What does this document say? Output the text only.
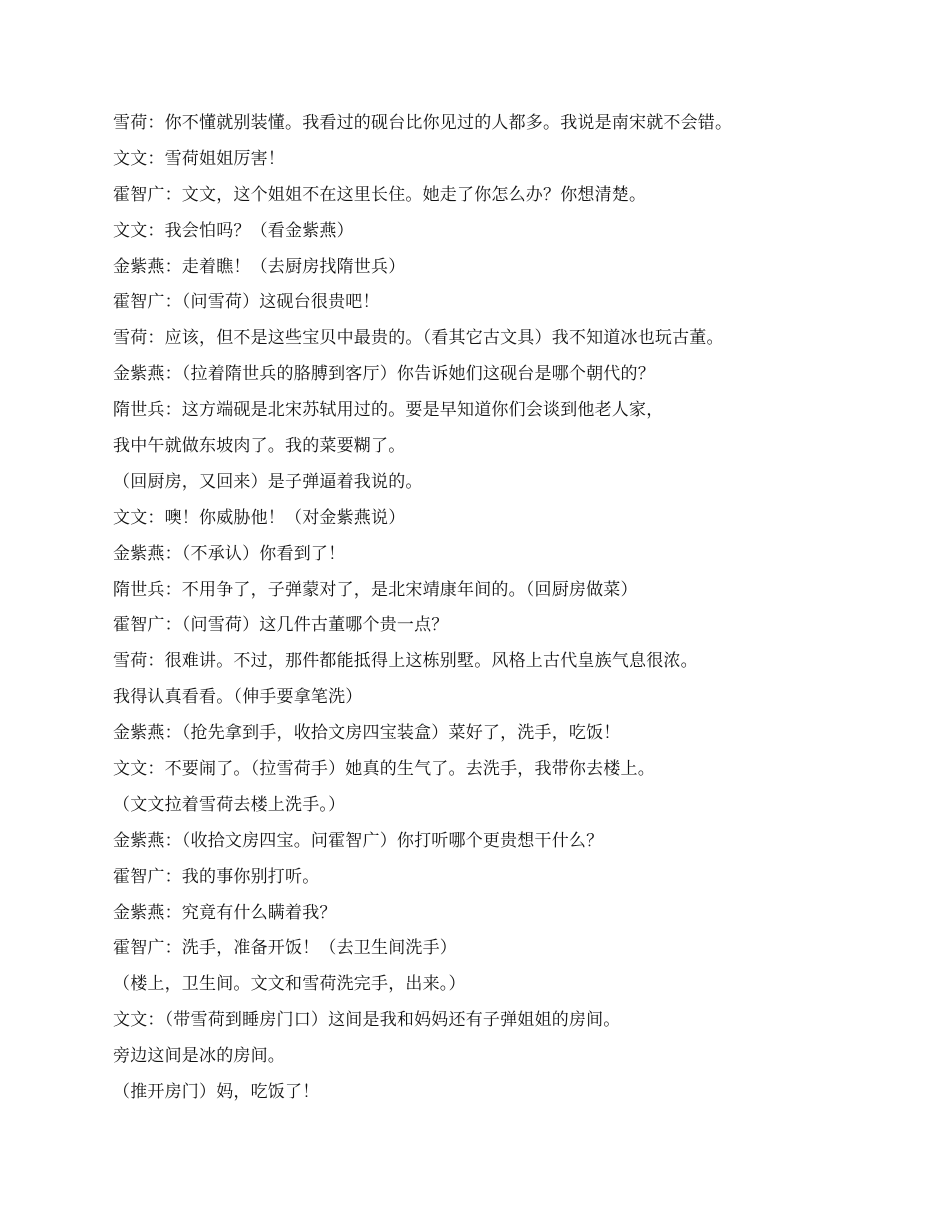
雪荷：你不懂就别装懂。我看过的砚台比你见过的人都多。我说是南宋就不会错。
文文：雪荷姐姐厉害！
霍智广：文文，这个姐姐不在这里长住。她走了你怎么办？你想清楚。
文文：我会怕吗？（看金紫燕）
金紫燕：走着瞧！（去厨房找隋世兵）
霍智广：（问雪荷）这砚台很贵吧！
雪荷：应该，但不是这些宝贝中最贵的。（看其它古文具）我不知道冰也玩古董。
金紫燕：（拉着隋世兵的胳膊到客厅）你告诉她们这砚台是哪个朝代的？
隋世兵：这方端砚是北宋苏轼用过的。要是早知道你们会谈到他老人家，
我中午就做东坡肉了。我的菜要糊了。
（回厨房，又回来）是子弹逼着我说的。
文文：噢！你威胁他！（对金紫燕说）
金紫燕：（不承认）你看到了！
隋世兵：不用争了，子弹蒙对了，是北宋靖康年间的。（回厨房做菜）
霍智广：（问雪荷）这几件古董哪个贵一点？
雪荷：很难讲。不过，那件都能抵得上这栋别墅。风格上古代皇族气息很浓。
我得认真看看。（伸手要拿笔洗）
金紫燕：（抢先拿到手，收拾文房四宝装盒）菜好了，洗手，吃饭！
文文：不要闹了。（拉雪荷手）她真的生气了。去洗手，我带你去楼上。
（文文拉着雪荷去楼上洗手。）
金紫燕：（收拾文房四宝。问霍智广）你打听哪个更贵想干什么？
霍智广：我的事你别打听。
金紫燕：究竟有什么瞒着我？
霍智广：洗手，准备开饭！（去卫生间洗手）
（楼上，卫生间。文文和雪荷洗完手，出来。）
文文：（带雪荷到睡房门口）这间是我和妈妈还有子弹姐姐的房间。
旁边这间是冰的房间。
（推开房门）妈，吃饭了！
